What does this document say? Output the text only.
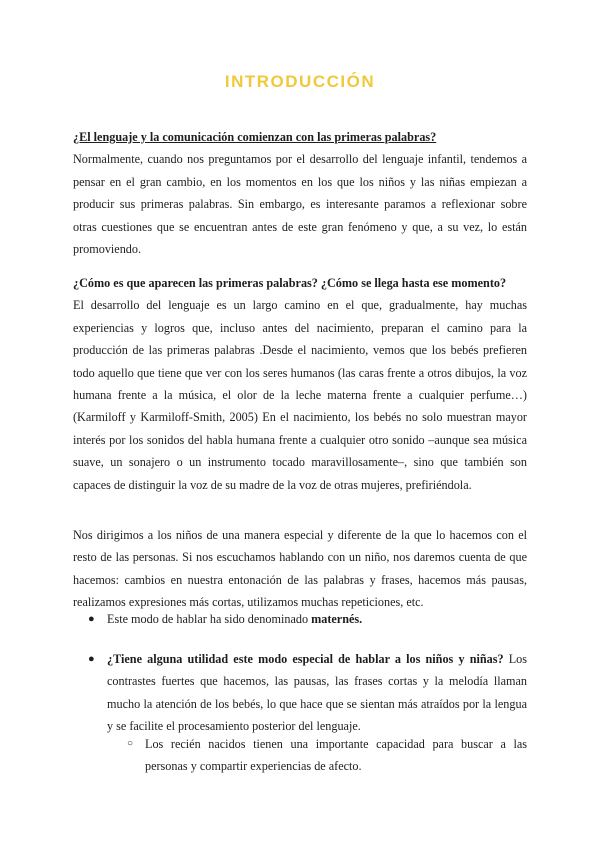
INTRODUCCIÓN
¿El lenguaje y la comunicación comienzan con las primeras palabras?

Normalmente, cuando nos preguntamos por el desarrollo del lenguaje infantil, tendemos a pensar en el gran cambio, en los momentos en los que los niños y las niñas empiezan a producir sus primeras palabras. Sin embargo, es interesante paramos a reflexionar sobre otras cuestiones que se encuentran antes de este gran fenómeno y que, a su vez, lo están promoviendo.

¿Cómo es que aparecen las primeras palabras? ¿Cómo se llega hasta ese momento?

El desarrollo del lenguaje es un largo camino en el que, gradualmente, hay muchas experiencias y logros que, incluso antes del nacimiento, preparan el camino para la producción de las primeras palabras .Desde el nacimiento, vemos que los bebés prefieren todo aquello que tiene que ver con los seres humanos (las caras frente a otros dibujos, la voz humana frente a la música, el olor de la leche materna frente a cualquier perfume…)(Karmiloff y Karmiloff-Smith, 2005) En el nacimiento, los bebés no solo muestran mayor interés por los sonidos del habla humana frente a cualquier otro sonido –aunque sea música suave, un sonajero o un instrumento tocado maravillosamente–, sino que también son capaces de distinguir la voz de su madre de la voz de otras mujeres, prefiriéndola.

Nos dirigimos a los niños de una manera especial y diferente de la que lo hacemos con el resto de las personas. Si nos escuchamos hablando con un niño, nos daremos cuenta de que hacemos: cambios en nuestra entonación de las palabras y frases, hacemos más pausas, realizamos expresiones más cortas, utilizamos muchas repeticiones, etc.

● Este modo de hablar ha sido denominado maternés.

● ¿Tiene alguna utilidad este modo especial de hablar a los niños y niñas? Los contrastes fuertes que hacemos, las pausas, las frases cortas y la melodía llaman mucho la atención de los bebés, lo que hace que se sientan más atraídos por la lengua y se facilite el procesamiento posterior del lenguaje.

○ Los recién nacidos tienen una importante capacidad para buscar a las personas y compartir experiencias de afecto.
